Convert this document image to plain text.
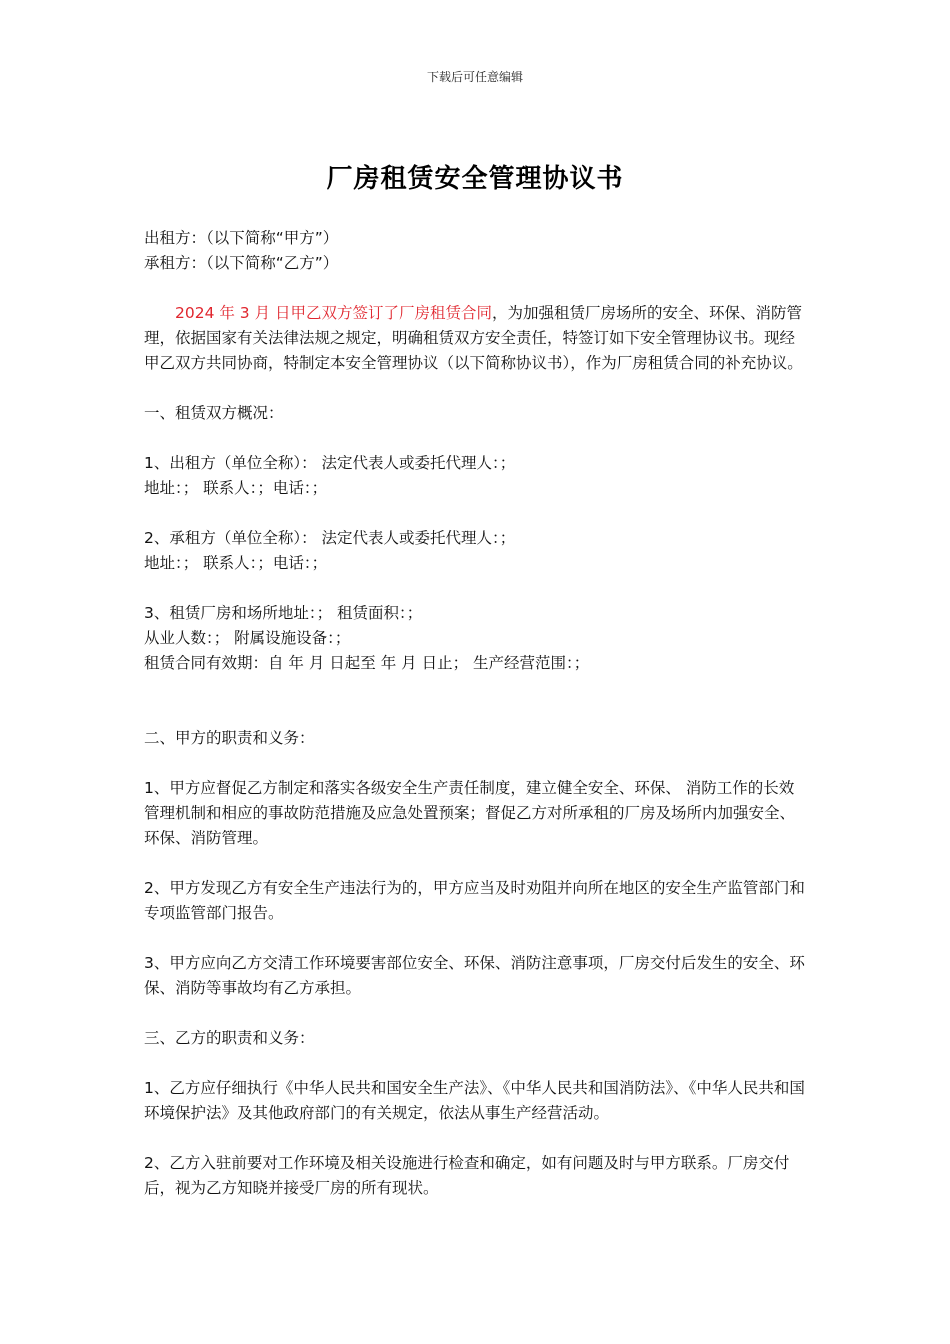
下载后可任意编辑
厂房租赁安全管理协议书

出租方：（以下简称“甲方”）

承租方：（以下简称“乙方”）

2024 年 3 月 日甲乙双方签订了厂房租赁合同，为加强租赁厂房场所的安全、环保、消防管理，依据国家有关法律法规之规定，明确租赁双方安全责任，特签订如下安全管理协议书。现经甲乙双方共同协商，特制定本安全管理协议（以下简称协议书），作为厂房租赁合同的补充协议。

一、租赁双方概况：

1、出租方（单位全称）： 法定代表人或委托代理人：；

地址：； 联系人：；电话：；

2、承租方（单位全称）： 法定代表人或委托代理人：；

地址：； 联系人：；电话：；

3、租赁厂房和场所地址：； 租赁面积：；

从业人数：； 附属设施设备：；

租赁合同有效期：自 年 月 日起至 年 月 日止； 生产经营范围：；

二、甲方的职责和义务：

1、甲方应督促乙方制定和落实各级安全生产责任制度，建立健全安全、环保、 消防工作的长效管理机制和相应的事故防范措施及应急处置预案；督促乙方对所承租的厂房及场所内加强安全、环保、消防管理。

2、甲方发现乙方有安全生产违法行为的，甲方应当及时劝阻并向所在地区的安全生产监管部门和专项监管部门报告。

3、甲方应向乙方交清工作环境要害部位安全、环保、消防注意事项，厂房交付后发生的安全、环保、消防等事故均有乙方承担。

三、乙方的职责和义务：

1、乙方应仔细执行《中华人民共和国安全生产法》、《中华人民共和国消防法》、《中华人民共和国环境保护法》及其他政府部门的有关规定，依法从事生产经营活动。

2、乙方入驻前要对工作环境及相关设施进行检查和确定，如有问题及时与甲方联系。厂房交付后，视为乙方知晓并接受厂房的所有现状。
